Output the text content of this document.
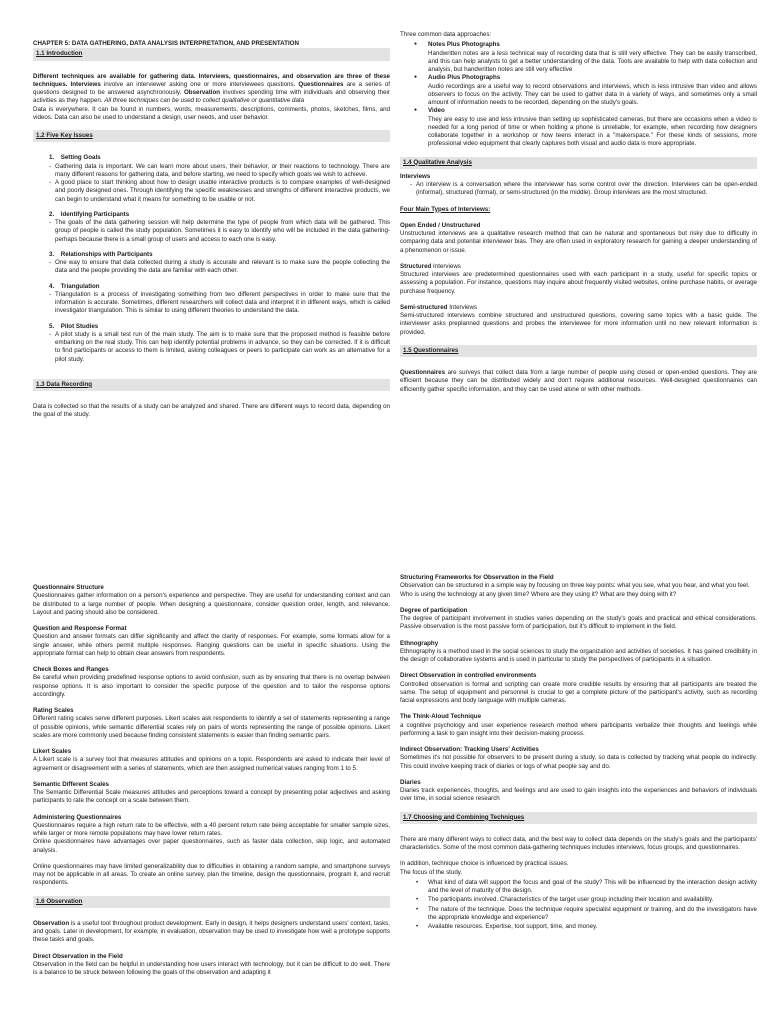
CHAPTER 5: DATA GATHERING, DATA ANALYSIS INTERPRETATION, AND PRESENTATION

1.1 Introduction

Different techniques are available for gathering data. Interviews, questionnaires, and observation are three of these techniques. Interviews involve an interviewer asking one or more interviewees questions. Questionnaires are a series of questions designed to be answered asynchronously. Observation involves spending time with individuals and observing their activities as they happen. All three techniques can be used to collect qualitative or quantitative data

Data is everywhere. It can be found in numbers, words, measurements, descriptions, comments, photos, sketches, films, and videos. Data can also be used to understand a design, user needs, and user behavior.

1.2 Five Key Issues
1. Setting Goals
- Gathering data is important. We can learn more about users, their behavior, or their reactions to technology. There are many different reasons for gathering data, and before starting, we need to specify which goals we wish to achieve.
- A good place to start thinking about how to design usable interactive products is to compare examples of well-designed and poorly designed ones. Through identifying the specific weaknesses and strengths of different interactive products, we can begin to understand what it means for something to be usable or not.
2. Identifying Participants
- The goals of the data gathering session will help determine the type of people from which data will be gathered. This group of people is called the study population. Sometimes it is easy to identify who will be included in the data gathering-perhaps because there is a small group of users and access to each one is easy.
3. Relationships with Participants
- One way to ensure that data collected during a study is accurate and relevant is to make sure the people collecting the data and the people providing the data are familiar with each other.
4. Triangulation
- Triangulation is a process of investigating something from two different perspectives in order to make sure that the information is accurate. Sometimes, different researchers will collect data and interpret it in different ways, which is called investigator triangulation. This is similar to using different theories to understand the data.
5. Pilot Studies
- A pilot study is a small test run of the main study. The aim is to make sure that the proposed method is feasible before embarking on the real study. This can help identify potential problems in advance, so they can be corrected. If it is difficult to find participants or access to them is limited, asking colleagues or peers to participate can work as an alternative for a pilot study.
1.3 Data Recording

Data is collected so that the results of a study can be analyzed and shared. There are different ways to record data, depending on the goal of the study.

Three common data approaches:

● Notes Plus Photographs
Handwritten notes are a less technical way of recording data that is still very effective. They can be easily transcribed, and this can help analysts to get a better understanding of the data. Tools are available to help with data collection and analysis, but handwritten notes are still very effective
● Audio Plus Photographs
Audio recordings are a useful way to record observations and interviews, which is less intrusive than video and allows observers to focus on the activity. They can be used to gather data in a variety of ways, and sometimes only a small amount of information needs to be recorded, depending on the study's goals.
● Video
They are easy to use and less intrusive than setting up sophisticated cameras, but there are occasions when a video is needed for a long period of time or when holding a phone is unreliable, for example, when recording how designers collaborate together in a workshop or how teens interact in a "makerspace." For these kinds of sessions, more professional video equipment that clearly captures both visual and audio data is more appropriate.
1.4 Qualitative Analysis
Interviews
- An interview is a conversation where the interviewer has some control over the direction. Interviews can be open-ended (informal), structured (formal), or semi-structured (in the middle). Group interviews are the most structured.
Four Main Types of Interviews:
Open Ended / Unstructured

Unstructured interviews are a qualitative research method that can be natural and spontaneous but risky due to difficulty in comparing data and potential interviewer bias. They are often used in exploratory research for gaining a deeper understanding of a phenomenon or issue.

Structured Interviews

Structured interviews are predetermined questionnaires used with each participant in a study, useful for specific topics or assessing a population. For instance, questions may inquire about frequently visited websites, online purchase habits, or average purchase frequency.

Semi-structured Interviews

Semi-structured interviews combine structured and unstructured questions, covering same topics with a basic guide. The interviewer asks preplanned questions and probes the interviewee for more information until no new relevant information is provided.

1.5 Questionnaires

Questionnaires are surveys that collect data from a large number of people using closed or open-ended questions. They are efficient because they can be distributed widely and don't require additional resources. Well-designed questionnaires can efficiently gather specific information, and they can be used alone or with other methods.

Questionnaire Structure

Questionnaires gather information on a person's experience and perspective. They are useful for understanding context and can be distributed to a large number of people. When designing a questionnaire, consider question order, length, and relevance. Layout and pacing should also be considered.

Question and Response Format

Question and answer formats can differ significantly and affect the clarity of responses. For example, some formats allow for a single answer, while others permit multiple responses. Ranging questions can be useful in specific situations. Using the appropriate format can help to obtain clear answers from respondents.

Check Boxes and Ranges

Be careful when providing predefined response options to avoid confusion, such as by ensuring that there is no overlap between response options. It is also important to consider the specific purpose of the question and to tailor the response options accordingly.

Rating Scales

Different rating scales serve different purposes. Likert scales ask respondents to identify a set of statements representing a range of possible opinions, while semantic differential scales rely on pairs of words representing the range of possible opinions. Likert scales are more commonly used because finding consistent statements is easier than finding semantic pairs.

Likert Scales

A Likert scale is a survey tool that measures attitudes and opinions on a topic. Respondents are asked to indicate their level of agreement or disagreement with a series of statements, which are then assigned numerical values ranging from 1 to 5.

Semantic Different Scales

The Semantic Differential Scale measures attitudes and perceptions toward a concept by presenting polar adjectives and asking participants to rate the concept on a scale between them.

Administering Questionnaires

Questionnaires require a high return rate to be effective, with a 40 percent return rate being acceptable for smaller sample sizes, while larger or more remote populations may have lower return rates.

Online questionnaires have advantages over paper questionnaires, such as faster data collection, skip logic, and automated analysis.

Online questionnaires may have limited generalizability due to difficulties in obtaining a random sample, and smartphone surveys may not be applicable in all areas. To create an online survey, plan the timeline, design the questionnaire, program it, and recruit respondents.

1.6 Observation

Observation is a useful tool throughout product development. Early in design, it helps designers understand users' context, tasks, and goals. Later in development, for example, in evaluation, observation may be used to investigate how well a prototype supports these tasks and goals.

Direct Observation in the Field

Observation in the field can be helpful in understanding how users interact with technology, but it can be difficult to do well. There is a balance to be struck between following the goals of the observation and adapting it

Structuring Frameworks for Observation in the Field

Observation can be structured in a simple way by focusing on three key points: what you see, what you hear, and what you feel.

Who is using the technology at any given time? Where are they using it? What are they doing with it?

Degree of participation

The degree of participant involvement in studies varies depending on the study's goals and practical and ethical considerations. Passive observation is the most passive form of participation, but it's difficult to implement in the field.

Ethnography

Ethnography is a method used in the social sciences to study the organization and activities of societies. It has gained credibility in the design of collaborative systems and is used in particular to study the perspectives of participants in a situation.

Direct Observation in controlled environments

Controlled observation is formal and scripting can create more credible results by ensuring that all participants are treated the same. The setup of equipment and personnel is crucial to get a complete picture of the participant's activity, such as recording facial expressions and body language with multiple cameras.

The Think-Aloud Technique

a cognitive psychology and user experience research method where participants verbalize their thoughts and feelings while performing a task to gain insight into their decision-making process.

Indirect Observation: Tracking Users' Activities

Sometimes it's not possible for observers to be present during a study, so data is collected by tracking what people do indirectly. This could involve keeping track of diaries or logs of what people say and do.

Diaries

Diaries track experiences, thoughts, and feelings and are used to gain insights into the experiences and behaviors of individuals over time, in social science research

1.7 Choosing and Combining Techniques

There are many different ways to collect data, and the best way to collect data depends on the study's goals and the participants' characteristics. Some of the most common data-gathering techniques includes interviews, focus groups, and questionnaires.

In addition, technique choice is influenced by practical issues.

The focus of the study.

• What kind of data will support the focus and goal of the study? This will be influenced by the interaction design activity and the level of maturity of the design.
• The participants involved. Characteristics of the target user group including their location and availability.
• The nature of the technique. Does the technique require specialist equipment or training, and do the investigators have the appropriate knowledge and experience?
• Available resources. Expertise, tool support, time, and money.
